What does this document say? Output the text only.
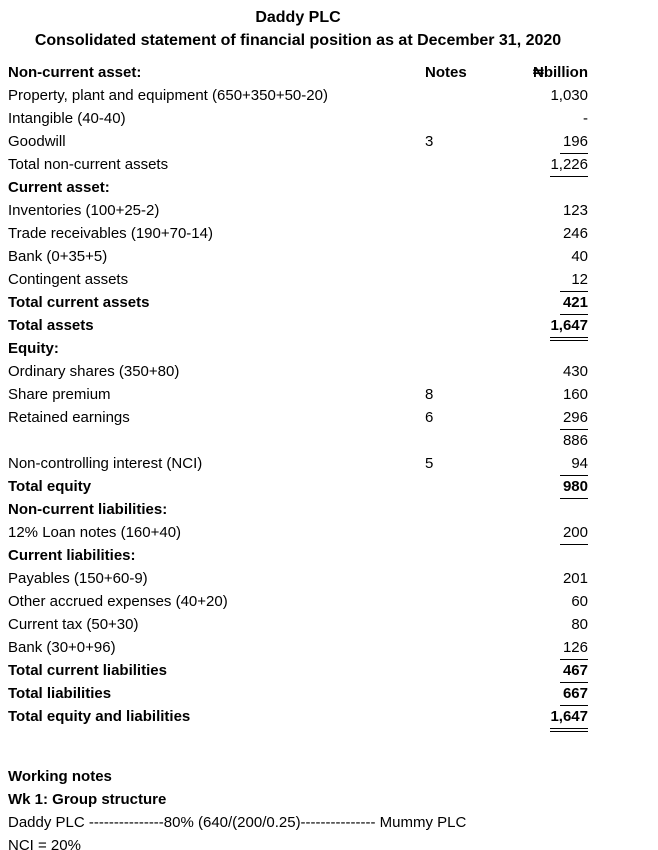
Daddy PLC
Consolidated statement of financial position as at December 31, 2020
Non-current asset:	Notes	₦billion
Property, plant and equipment (650+350+50-20)	1,030
Intangible (40-40)	-
Goodwill	3	196
Total non-current assets	1,226
Current asset:
Inventories (100+25-2)	123
Trade receivables (190+70-14)	246
Bank (0+35+5)	40
Contingent assets	12
Total current assets	421
Total assets	1,647
Equity:
Ordinary shares (350+80)	430
Share premium	8	160
Retained earnings	6	296
886
Non-controlling interest (NCI)	5	94
Total equity	980
Non-current liabilities:
12% Loan notes (160+40)	200
Current liabilities:
Payables (150+60-9)	201
Other accrued expenses (40+20)	60
Current tax (50+30)	80
Bank (30+0+96)	126
Total current liabilities	467
Total liabilities	667
Total equity and liabilities	1,647
Working notes
Wk 1: Group structure
Daddy PLC ---------------80% (640/(200/0.25)--------------- Mummy PLC
NCI = 20%
